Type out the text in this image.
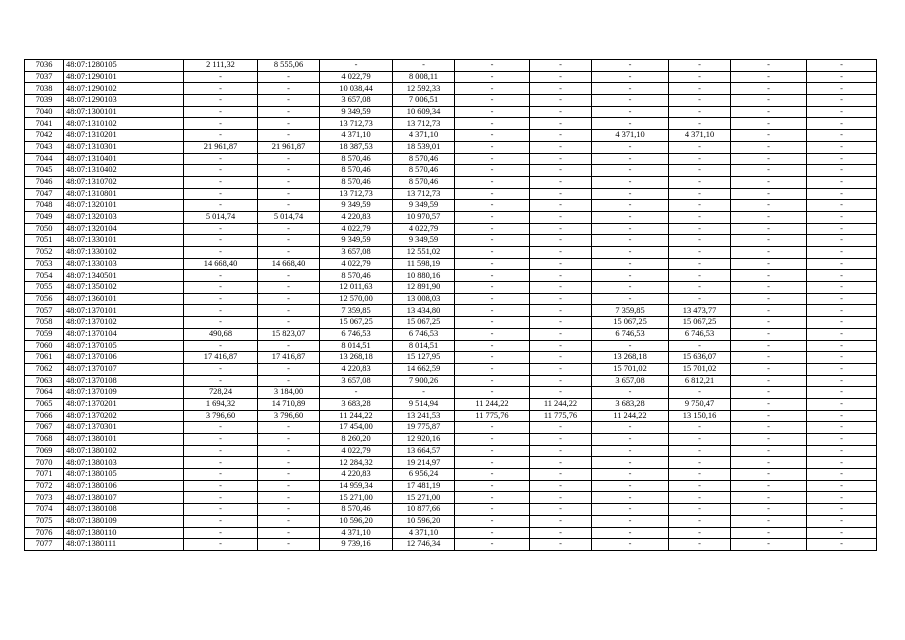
7036	48:07:1280105	2 111,32	8 555,06	-	-	-	-	-	-	-	-
7037	48:07:1290101	-	-	4 022,79	8 008,11	-	-	-	-	-	-
7038	48:07:1290102	-	-	10 038,44	12 592,33	-	-	-	-	-	-
7039	48:07:1290103	-	-	3 657,08	7 006,51	-	-	-	-	-	-
7040	48:07:1300101	-	-	9 349,59	10 609,34	-	-	-	-	-	-
7041	48:07:1310102	-	-	13 712,73	13 712,73	-	-	-	-	-	-
7042	48:07:1310201	-	-	4 371,10	4 371,10	-	-	4 371,10	4 371,10	-	-
7043	48:07:1310301	21 961,87	21 961,87	18 387,53	18 539,01	-	-	-	-	-	-
7044	48:07:1310401	-	-	8 570,46	8 570,46	-	-	-	-	-	-
7045	48:07:1310402	-	-	8 570,46	8 570,46	-	-	-	-	-	-
7046	48:07:1310702	-	-	8 570,46	8 570,46	-	-	-	-	-	-
7047	48:07:1310801	-	-	13 712,73	13 712,73	-	-	-	-	-	-
7048	48:07:1320101	-	-	9 349,59	9 349,59	-	-	-	-	-	-
7049	48:07:1320103	5 014,74	5 014,74	4 220,83	10 970,57	-	-	-	-	-	-
7050	48:07:1320104	-	-	4 022,79	4 022,79	-	-	-	-	-	-
7051	48:07:1330101	-	-	9 349,59	9 349,59	-	-	-	-	-	-
7052	48:07:1330102	-	-	3 657,08	12 551,02	-	-	-	-	-	-
7053	48:07:1330103	14 668,40	14 668,40	4 022,79	11 598,19	-	-	-	-	-	-
7054	48:07:1340501	-	-	8 570,46	10 880,16	-	-	-	-	-	-
7055	48:07:1350102	-	-	12 011,63	12 891,90	-	-	-	-	-	-
7056	48:07:1360101	-	-	12 570,00	13 008,03	-	-	-	-	-	-
7057	48:07:1370101	-	-	7 359,85	13 434,80	-	-	7 359,85	13 473,77	-	-
7058	48:07:1370102	-	-	15 067,25	15 067,25	-	-	15 067,25	15 067,25	-	-
7059	48:07:1370104	490,68	15 823,07	6 746,53	6 746,53	-	-	6 746,53	6 746,53	-	-
7060	48:07:1370105	-	-	8 014,51	8 014,51	-	-	-	-	-	-
7061	48:07:1370106	17 416,87	17 416,87	13 268,18	15 127,95	-	-	13 268,18	15 636,07	-	-
7062	48:07:1370107	-	-	4 220,83	14 662,59	-	-	15 701,02	15 701,02	-	-
7063	48:07:1370108	-	-	3 657,08	7 900,26	-	-	3 657,08	6 812,21	-	-
7064	48:07:1370109	728,24	3 184,00	-	-	-	-	-	-	-	-
7065	48:07:1370201	1 694,32	14 710,89	3 683,28	9 514,94	11 244,22	11 244,22	3 683,28	9 750,47	-	-
7066	48:07:1370202	3 796,60	3 796,60	11 244,22	13 241,53	11 775,76	11 775,76	11 244,22	13 150,16	-	-
7067	48:07:1370301	-	-	17 454,00	19 775,87	-	-	-	-	-	-
7068	48:07:1380101	-	-	8 260,20	12 920,16	-	-	-	-	-	-
7069	48:07:1380102	-	-	4 022,79	13 664,57	-	-	-	-	-	-
7070	48:07:1380103	-	-	12 284,32	19 214,97	-	-	-	-	-	-
7071	48:07:1380105	-	-	4 220,83	6 956,24	-	-	-	-	-	-
7072	48:07:1380106	-	-	14 959,34	17 481,19	-	-	-	-	-	-
7073	48:07:1380107	-	-	15 271,00	15 271,00	-	-	-	-	-	-
7074	48:07:1380108	-	-	8 570,46	10 877,66	-	-	-	-	-	-
7075	48:07:1380109	-	-	10 596,20	10 596,20	-	-	-	-	-	-
7076	48:07:1380110	-	-	4 371,10	4 371,10	-	-	-	-	-	-
7077	48:07:1380111	-	-	9 739,16	12 746,34	-	-	-	-	-	-
